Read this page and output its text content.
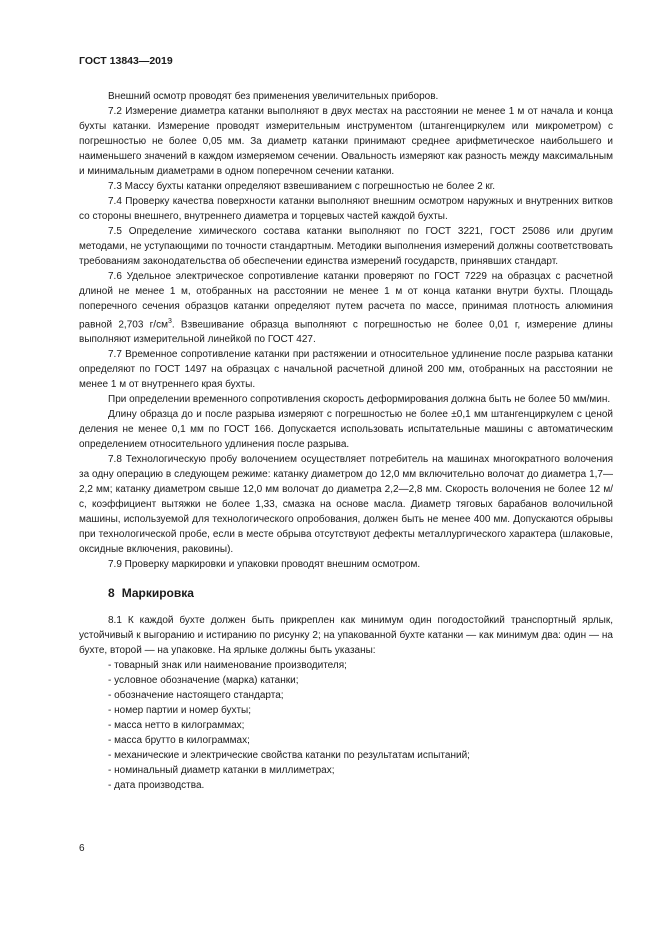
ГОСТ 13843—2019

Внешний осмотр проводят без применения увеличительных приборов.

7.2 Измерение диаметра катанки выполняют в двух местах на расстоянии не менее 1 м от начала и конца бухты катанки. Измерение проводят измерительным инструментом (штангенциркулем или микрометром) с погрешностью не более 0,05 мм. За диаметр катанки принимают среднее арифметическое наибольшего и наименьшего значений в каждом измеряемом сечении. Овальность измеряют как разность между максимальным и минимальным диаметрами в одном поперечном сечении катанки.

7.3 Массу бухты катанки определяют взвешиванием с погрешностью не более 2 кг.

7.4 Проверку качества поверхности катанки выполняют внешним осмотром наружных и внутренних витков со стороны внешнего, внутреннего диаметра и торцевых частей каждой бухты.

7.5 Определение химического состава катанки выполняют по ГОСТ 3221, ГОСТ 25086 или другим методами, не уступающими по точности стандартным. Методики выполнения измерений должны соответствовать требованиям законодательства об обеспечении единства измерений государств, принявших стандарт.

7.6 Удельное электрическое сопротивление катанки проверяют по ГОСТ 7229 на образцах с расчетной длиной не менее 1 м, отобранных на расстоянии не менее 1 м от конца катанки внутри бухты. Площадь поперечного сечения образцов катанки определяют путем расчета по массе, принимая плотность алюминия равной 2,703 $г/см^3$. Взвешивание образца выполняют с погрешностью не более 0,01 г, измерение длины выполняют измерительной линейкой по ГОСТ 427.

7.7 Временное сопротивление катанки при растяжении и относительное удлинение после разрыва катанки определяют по ГОСТ 1497 на образцах с начальной расчетной длиной 200 мм, отобранных на расстоянии не менее 1 м от внутреннего края бухты.

При определении временного сопротивления скорость деформирования должна быть не более 50 мм/мин.

Длину образца до и после разрыва измеряют с погрешностью не более ±0,1 мм штангенциркулем с ценой деления не менее 0,1 мм по ГОСТ 166. Допускается использовать испытательные машины с автоматическим определением относительного удлинения после разрыва.

7.8 Технологическую пробу волочением осуществляет потребитель на машинах многократного волочения за одну операцию в следующем режиме: катанку диаметром до 12,0 мм включительно волочат до диаметра 1,7—2,2 мм; катанку диаметром свыше 12,0 мм волочат до диаметра 2,2—2,8 мм. Скорость волочения не более 12 м/с, коэффициент вытяжки не более 1,33, смазка на основе масла. Диаметр тяговых барабанов волочильной машины, используемой для технологического опробования, должен быть не менее 400 мм. Допускаются обрывы при технологической пробе, если в месте обрыва отсутствуют дефекты металлургического характера (шлаковые, оксидные включения, раковины).

7.9 Проверку маркировки и упаковки проводят внешним осмотром.

8 Маркировка

8.1 К каждой бухте должен быть прикреплен как минимум один погодостойкий транспортный ярлык, устойчивый к выгоранию и истиранию по рисунку 2; на упакованной бухте катанки — как минимум два: один — на бухте, второй — на упаковке. На ярлыке должны быть указаны:

- товарный знак или наименование производителя;
- условное обозначение (марка) катанки;
- обозначение настоящего стандарта;
- номер партии и номер бухты;
- масса нетто в килограммах;
- масса брутто в килограммах;
- механические и электрические свойства катанки по результатам испытаний;
- номинальный диаметр катанки в миллиметрах;
- дата производства.
6
